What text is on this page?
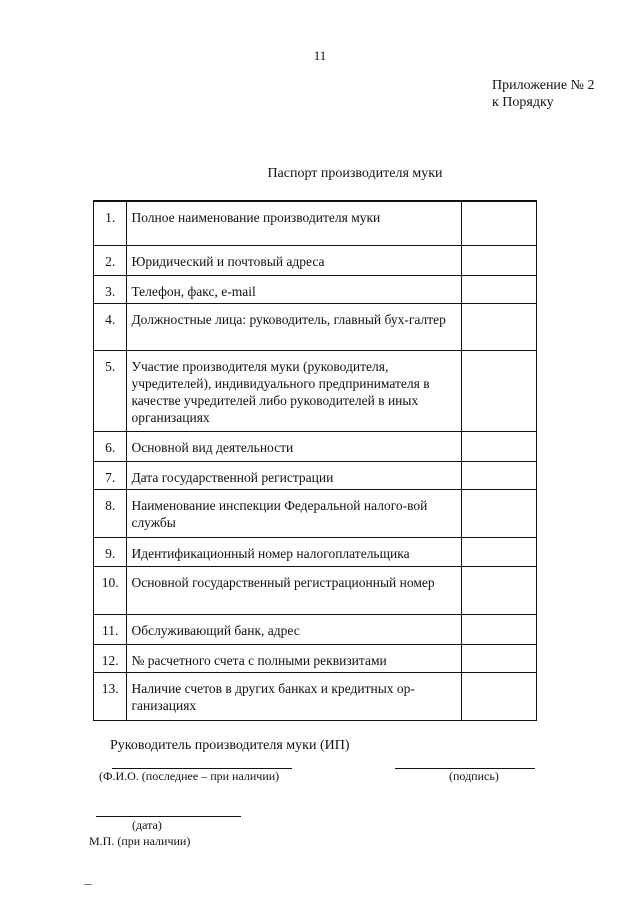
11
Приложение № 2
к Порядку
Паспорт производителя муки
1.	Полное наименование производителя муки	
2.	Юридический и почтовый адреса	
3.	Телефон, факс, e-mail	
4.	Должностные лица: руководитель, главный бух-галтер	
5.	Участие производителя муки (руководителя, учредителей), индивидуального предпринимателя в качестве учредителей либо руководителей в иных организациях	
6.	Основной вид деятельности	
7.	Дата государственной регистрации	
8.	Наименование инспекции Федеральной налого-вой службы	
9.	Идентификационный номер налогоплательщика	
10.	Основной государственный регистрационный номер	
11.	Обслуживающий банк, адрес	
12.	№ расчетного счета с полными реквизитами	
13.	Наличие счетов в других банках и кредитных ор-ганизациях	
Руководитель производителя муки (ИП)
(Ф.И.О. (последнее – при наличии)	(подпись)
(дата)
М.П. (при наличии)
